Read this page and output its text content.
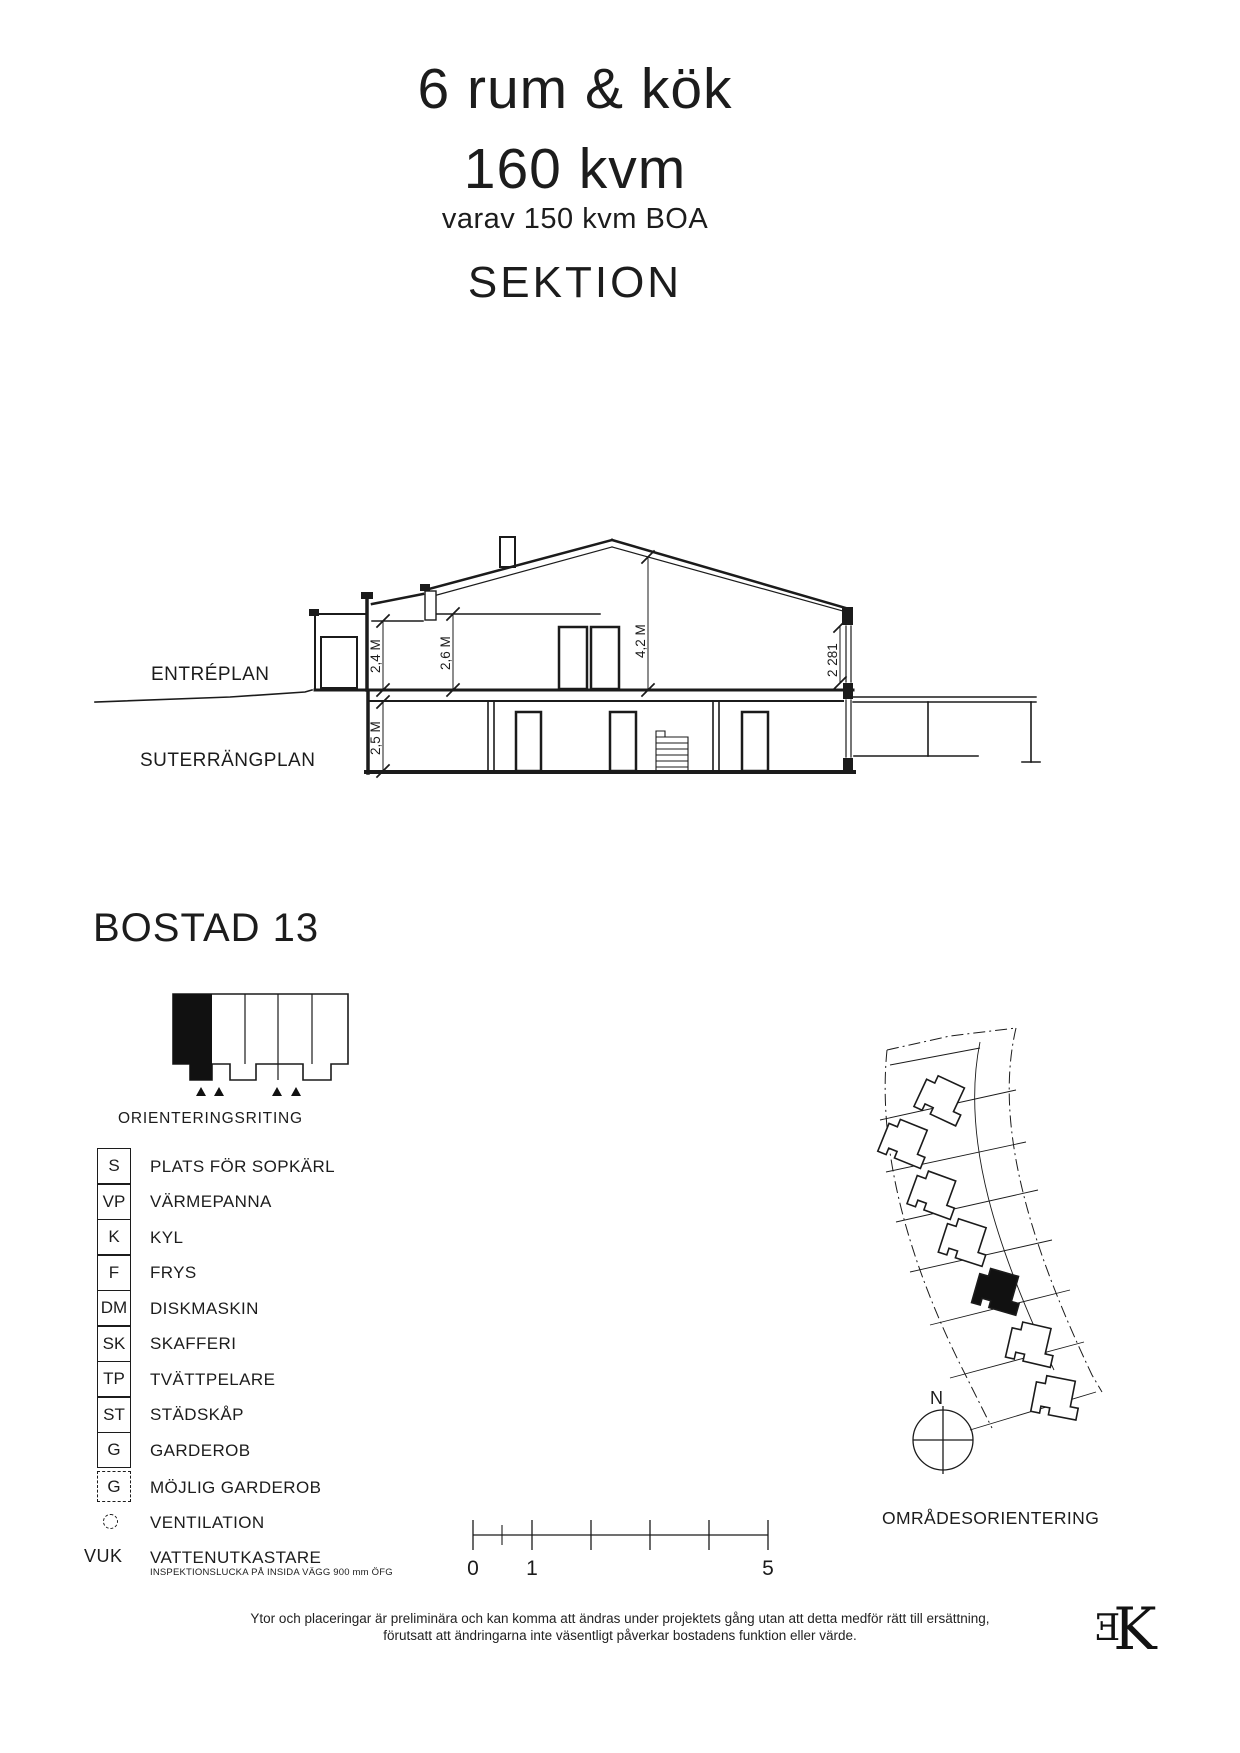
6 rum & kök
160 kvm
varav 150 kvm BOA
SEKTION
2,4 M	2,6 M	4,2 M
2,5 M
2 281
ENTRÉPLAN
SUTERRÄNGPLAN
BOSTAD 13
ORIENTERINGSRITING
S PLATS FÖR SOPKÄRL
VP VÄRMEPANNA
K KYL
F FRYS
DM DISKMASKIN
SK SKAFFERI
TP TVÄTTPELARE
ST STÄDSKÅP
G GARDEROB
G MÖJLIG GARDEROB
VENTILATION
VUK VATTENUTKASTARE
INSPEKTIONSLUCKA PÅ INSIDA VÄGG 900 mm ÖFG	0 1	5
N
OMRÅDESORIENTERING
Ytor och placeringar är preliminära och kan komma att ändras under projektets gång utan att detta medför rätt till ersättning,
förutsatt att ändringarna inte väsentligt påverkar bostadens funktion eller värde.	E
K
